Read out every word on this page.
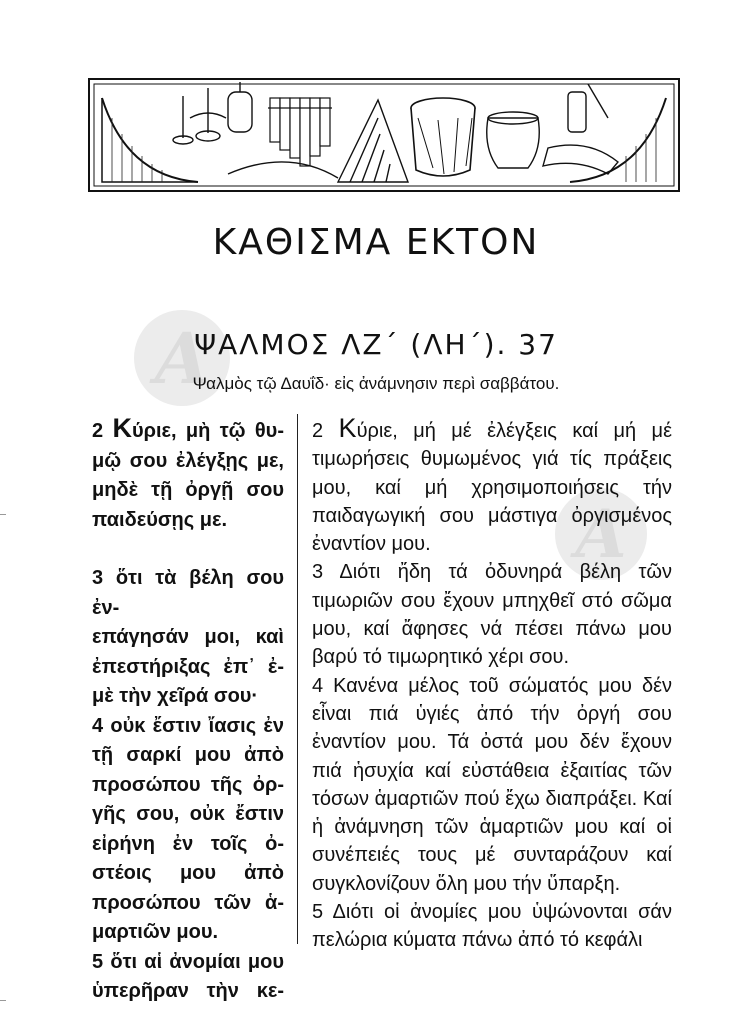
ΚΑΘΙΣΜΑ ΕΚΤΟΝ
A
A
ΨΑΛΜΟΣ ΛΖ΄ (ΛΗ΄). 37
Ψαλμὸς τῷ Δαυΐδ· εἰς ἀνάμνησιν περὶ σαββάτου.

2 Κύριε, μὴ τῷ θυ-

μῷ σου ἐλέγξῃς με,

μηδὲ τῇ ὀργῇ σου

παιδεύσῃς με.

3 ὅτι τὰ βέλη σου ἐν-

επάγησάν μοι, καὶ

ἐπεστήριξας ἐπ᾿ ἐ-

μὲ τὴν χεῖρά σου·

4 οὐκ ἔστιν ἴασις ἐν

τῇ σαρκί μου ἀπὸ

προσώπου τῆς ὀρ-

γῆς σου, οὐκ ἔστιν

εἰρήνη ἐν τοῖς ὀ-

στέοις μου ἀπὸ

προσώπου τῶν ἁ-

μαρτιῶν μου.

5 ὅτι αἱ ἀνομίαι μου

ὑπερῆραν τὴν κε-

2 Κύριε, μή μέ ἐλέγξεις καί μή μέ τιμωρήσεις θυμωμένος γιά τίς πράξεις μου, καί μή χρησιμοποιήσεις τήν παιδαγωγική σου μάστιγα ὀργισμένος ἐναντίον μου.

3 Διότι ἤδη τά ὀδυνηρά βέλη τῶν τιμωριῶν σου ἔχουν μπηχθεῖ στό σῶμα μου, καί ἄφησες νά πέσει πάνω μου βαρύ τό τιμωρητικό χέρι σου.

4 Κανένα μέλος τοῦ σώματός μου δέν εἶναι πιά ὑγιές ἀπό τήν ὀργή σου ἐναντίον μου. Τά ὀστά μου δέν ἔχουν πιά ἡσυχία καί εὐστάθεια ἐξαιτίας τῶν τόσων ἁμαρτιῶν πού ἔχω διαπράξει. Καί ἡ ἀνάμνηση τῶν ἁμαρτιῶν μου καί οἱ συνέπειές τους μέ συνταράζουν καί συγκλονίζουν ὅλη μου τήν ὕπαρξη.

5 Διότι οἱ ἀνομίες μου ὑψώνονται σάν πελώρια κύματα πάνω ἀπό τό κεφάλι
